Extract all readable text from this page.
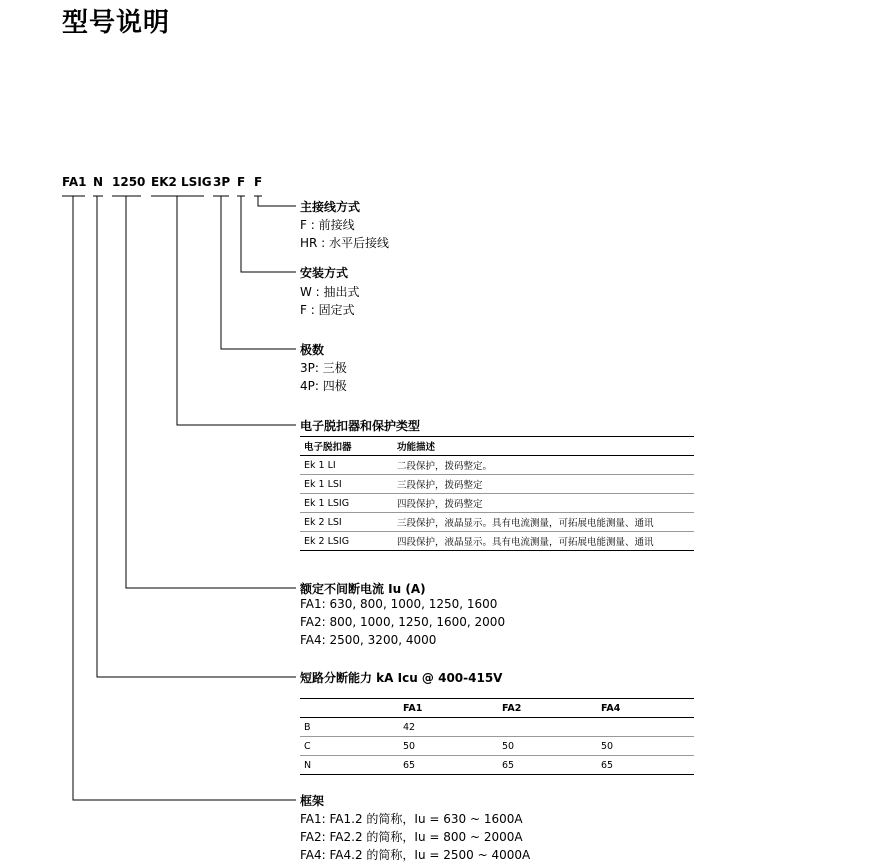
型号说明
FA1 N 1250 EK2 LSIG 3P F F
主接线方式
F : 前接线
HR : 水平后接线
安装方式
W : 抽出式
F : 固定式
极数
3P: 三极
4P: 四极
电子脱扣器和保护类型
电子脱扣器	功能描述
Ek 1 LI	二段保护，拨码整定。
Ek 1 LSI	三段保护，拨码整定
Ek 1 LSIG	四段保护，拨码整定
Ek 2 LSI	三段保护，液晶显示。具有电流测量，可拓展电能测量、通讯
Ek 2 LSIG	四段保护，液晶显示。具有电流测量，可拓展电能测量、通讯
额定不间断电流 Iu (A)
FA1: 630, 800, 1000, 1250, 1600
FA2: 800, 1000, 1250, 1600, 2000
FA4: 2500, 3200, 4000
短路分断能力 kA Icu @ 400-415V
	FA1	FA2	FA4
B	42		
C	50	50	50
N	65	65	65
框架
FA1: FA1.2 的简称，Iu = 630 ~ 1600A
FA2: FA2.2 的简称，Iu = 800 ~ 2000A
FA4: FA4.2 的简称，Iu = 2500 ~ 4000A
